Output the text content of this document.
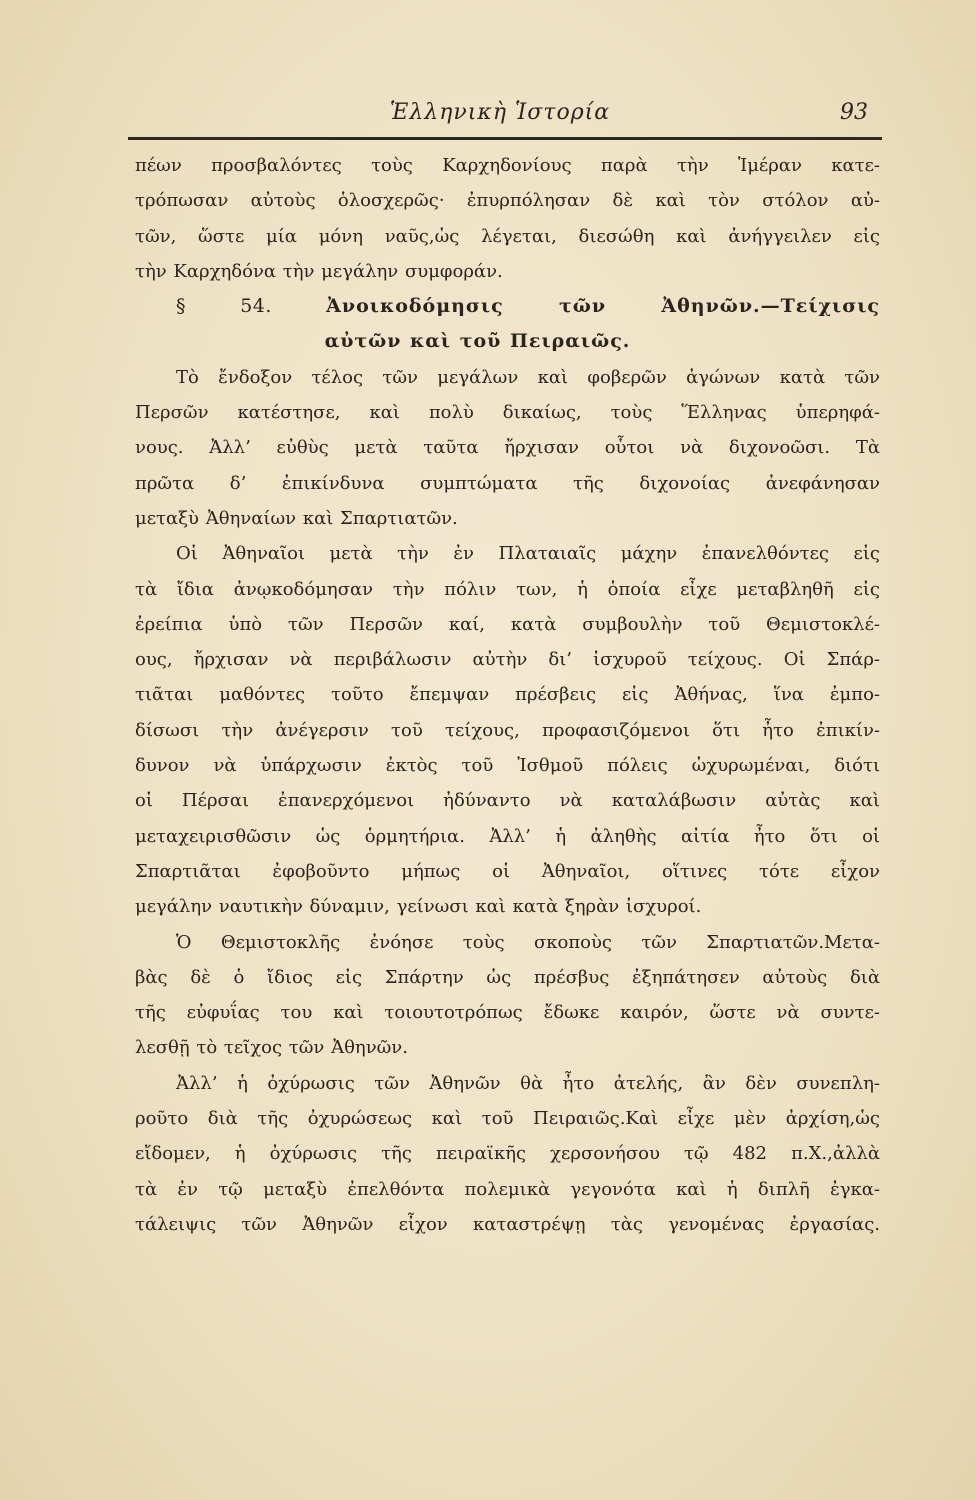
Ἑλληνικὴ Ἱστορία	93
πέων προσβαλόντες τοὺς Καρχηδονίους παρὰ τὴν Ἱμέραν κατε-
τρόπωσαν αὐτοὺς ὁλοσχερῶς· ἐπυρπόλησαν δὲ καὶ τὸν στόλον αὐ-
τῶν, ὥστε μία μόνη ναῦς,ὡς λέγεται, διεσώθη καὶ ἀνήγγειλεν εἰς
τὴν Καρχηδόνα τὴν μεγάλην συμφοράν.
§ 54.	Ἀνοικοδόμησις τῶν Ἀθηνῶν.—Τείχισις
αὐτῶν καὶ τοῦ Πειραιῶς.
Τὸ ἔνδοξον τέλος τῶν μεγάλων καὶ φοβερῶν ἀγώνων κατὰ τῶν
Περσῶν κατέστησε, καὶ πολὺ δικαίως, τοὺς Ἕλληνας ὑπερηφά-
νους. Ἀλλ’ εὐθὺς μετὰ ταῦτα ἤρχισαν οὗτοι νὰ διχονοῶσι. Τὰ
πρῶτα δ’ ἐπικίνδυνα συμπτώματα τῆς διχονοίας ἀνεφάνησαν
μεταξὺ Ἀθηναίων καὶ Σπαρτιατῶν.
Οἱ Ἀθηναῖοι μετὰ τὴν ἐν Πλαταιαῖς μάχην ἐπανελθόντες εἰς
τὰ ἴδια ἀνῳκοδόμησαν τὴν πόλιν των, ἡ ὁποία εἶχε μεταβληθῆ εἰς
ἐρείπια ὑπὸ τῶν Περσῶν καί, κατὰ συμβουλὴν τοῦ Θεμιστοκλέ-
ους, ἤρχισαν νὰ περιβάλωσιν αὐτὴν δι’ ἰσχυροῦ τείχους. Οἱ Σπάρ-
τιᾶται μαθόντες τοῦτο ἔπεμψαν πρέσβεις εἰς Ἀθήνας, ἵνα ἐμπο-
δίσωσι τὴν ἀνέγερσιν τοῦ τείχους, προφασιζόμενοι ὅτι ἦτο ἐπικίν-
δυνον νὰ ὑπάρχωσιν ἐκτὸς τοῦ Ἰσθμοῦ πόλεις ὠχυρωμέναι, διότι
οἱ Πέρσαι ἐπανερχόμενοι ἠδύναντο νὰ καταλάβωσιν αὐτὰς καὶ
μεταχειρισθῶσιν ὡς ὁρμητήρια. Ἀλλ’ ἡ ἀληθὴς αἰτία ἦτο ὅτι οἱ
Σπαρτιᾶται ἐφοβοῦντο μήπως οἱ Ἀθηναῖοι, οἵτινες τότε εἶχον
μεγάλην ναυτικὴν δύναμιν, γείνωσι καὶ κατὰ ξηρὰν ἰσχυροί.
Ὁ Θεμιστοκλῆς ἐνόησε τοὺς σκοποὺς τῶν Σπαρτιατῶν.Μετα-
βὰς δὲ ὁ ἴδιος εἰς Σπάρτην ὡς πρέσβυς ἐξηπάτησεν αὐτοὺς διὰ
τῆς εὐφυΐας του καὶ τοιουτοτρόπως ἔδωκε καιρόν, ὥστε νὰ συντε-
λεσθῇ τὸ τεῖχος τῶν Ἀθηνῶν.
Ἀλλ’ ἡ ὀχύρωσις τῶν Ἀθηνῶν θὰ ἦτο ἀτελής, ἂν δὲν συνεπλη-
ροῦτο διὰ τῆς ὀχυρώσεως καὶ τοῦ Πειραιῶς.Καὶ εἶχε μὲν ἀρχίση,ὡς
εἴδομεν, ἡ ὀχύρωσις τῆς πειραϊκῆς χερσονήσου τῷ 482 π.Χ.,ἀλλὰ
τὰ ἐν τῷ μεταξὺ ἐπελθόντα πολεμικὰ γεγονότα καὶ ἡ διπλῆ ἐγκα-
τάλειψις τῶν Ἀθηνῶν εἶχον καταστρέψῃ τὰς γενομένας ἐργασίας.
